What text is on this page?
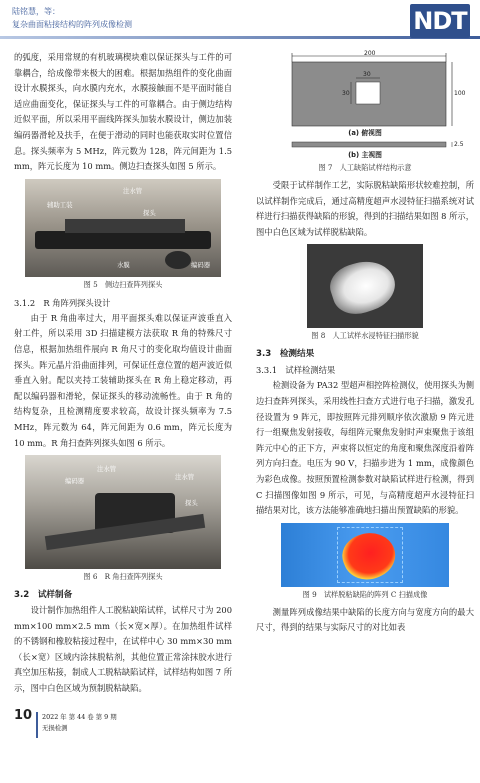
陆铭慧，等：
复杂曲面粘接结构的阵列成像检测	NDT

的弧度，采用常规的有机玻璃楔块难以保证探头与工件的可靠耦合，给成像带来极大的困难。根据加热组件的变化曲面设计水膜探头，向水膜内充水，水膜接触面不是平面时能自适应曲面变化，保证探头与工件的可靠耦合。由于侧边结构近似平面，所以采用平面线阵探头加装水膜设计，侧边加装编码器滑轮及扶手，在便于滑动的同时也能获取实时位置信息。探头频率为 5 MHz，阵元数为 128，阵元间距为 1.5 mm，阵元长度为 10 mm。侧边扫查探头如图 5 所示。

注水管
辅助工装
探头
水膜	编码器
图 5　侧边扫查阵列探头
3.1.2　R 角阵列探头设计

由于 R 角曲率过大，用平面探头难以保证声波垂直入射工件，所以采用 3D 扫描建模方法获取 R 角的特殊尺寸信息，根据加热组件展向 R 角尺寸的变化取均值设计曲面探头。阵元晶片沿曲面排列，可保证任意位置的超声波近似垂直入射。配以夹持工装辅助探头在 R 角上稳定移动，再配以编码器和滑轮，保证探头的移动流畅性。由于 R 角的结构复杂，且检测精度要求较高，故设计探头频率为 7.5 MHz，阵元数为 64，阵元间距为 0.6 mm，阵元长度为 10 mm。R 角扫查阵列探头如图 6 所示。

注水管
编码器	注水管
探头
图 6　R 角扫查阵列探头
3.2　试样制备

设计制作加热组件人工脱粘缺陷试样，试样尺寸为 200 mm×100 mm×2.5 mm（长×宽×厚）。在加热组件试样的不锈钢和橡胶粘接过程中，在试样中心 30 mm×30 mm（长×宽）区域内涂抹脱粘剂，其他位置正常涂抹胶水进行真空加压粘接，制成人工脱粘缺陷试样，试样结构如图 7 所示，图中白色区域为预制脱粘缺陷。

200
30
30	100
2.5
(a) 俯视图
(b) 主视图
图 7　人工缺陷试样结构示意

受限于试样制作工艺，实际脱粘缺陷形状较难控制，所以试样制作完成后，通过高精度超声水浸特征扫描系统对试样进行扫描获得缺陷的形貌，得到的扫描结果如图 8 所示，图中白色区域为试样脱粘缺陷。

图 8　人工试样水浸特征扫描形貌
3.3　检测结果
3.3.1　试样检测结果

检测设备为 PA32 型超声相控阵检测仪，使用探头为侧边扫查阵列探头，采用线性扫查方式进行电子扫描，激发孔径设置为 9 阵元，即按照阵元排列顺序依次激励 9 阵元进行一组聚焦发射接收，每组阵元聚焦发射时声束聚焦于该组阵元中心的正下方，声束将以恒定的角度和聚焦深度沿着阵列方向扫查。电压为 90 V，扫描步进为 1 mm，成像颜色为彩色成像。按照预置检测参数对缺陷试样进行检测，得到 C 扫描图像如图 9 所示，可见，与高精度超声水浸特征扫描结果对比，该方法能够准确地扫描出预置缺陷的形貌。

图 9　试样脱粘缺陷的阵列 C 扫描成像

测量阵列成像结果中缺陷的长度方向与宽度方向的最大尺寸，得到的结果与实际尺寸的对比如表

10 2022 年 第 44 卷 第 9 期
无损检测
